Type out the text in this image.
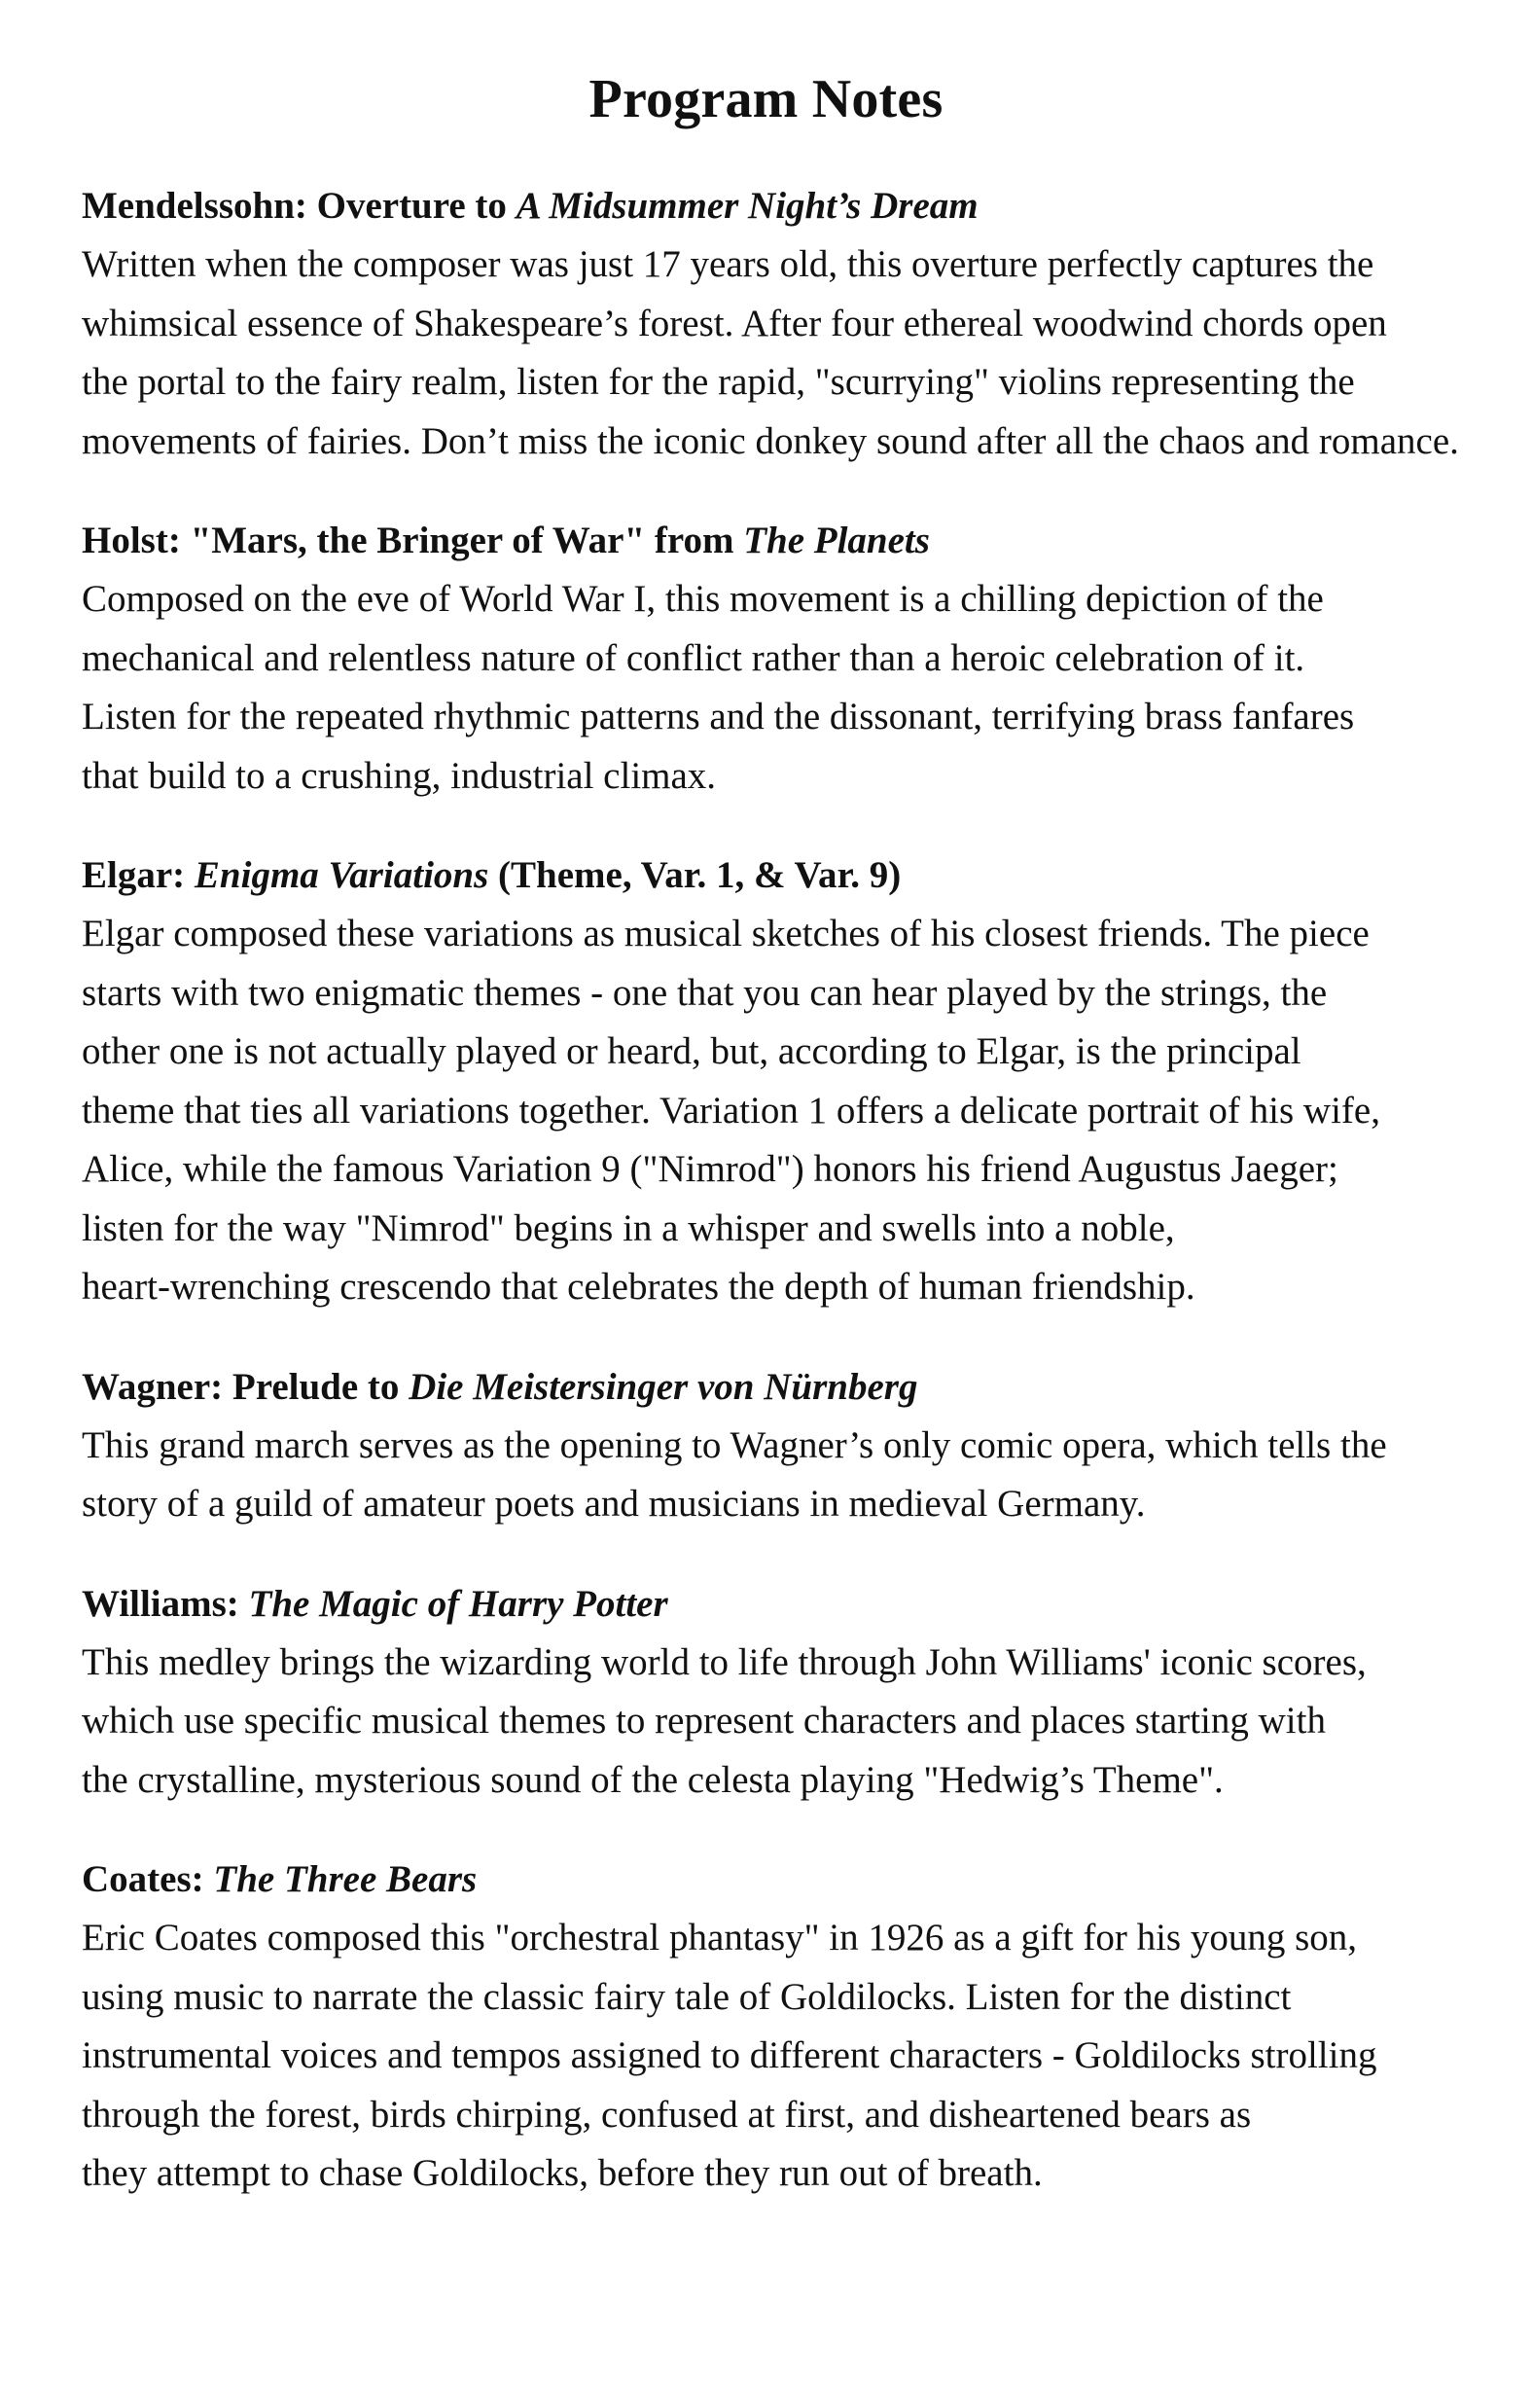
Program Notes
Mendelssohn: Overture to A Midsummer Night’s Dream

Written when the composer was just 17 years old, this overture perfectly captures the
whimsical essence of Shakespeare’s forest. After four ethereal woodwind chords open
the portal to the fairy realm, listen for the rapid, "scurrying" violins representing the
movements of fairies. Don’t miss the iconic donkey sound after all the chaos and romance.

Holst: "Mars, the Bringer of War" from The Planets

Composed on the eve of World War I, this movement is a chilling depiction of the
mechanical and relentless nature of conflict rather than a heroic celebration of it.
Listen for the repeated rhythmic patterns and the dissonant, terrifying brass fanfares
that build to a crushing, industrial climax.

Elgar: Enigma Variations (Theme, Var. 1, & Var. 9)

Elgar composed these variations as musical sketches of his closest friends. The piece
starts with two enigmatic themes - one that you can hear played by the strings, the
other one is not actually played or heard, but, according to Elgar, is the principal
theme that ties all variations together. Variation 1 offers a delicate portrait of his wife,
Alice, while the famous Variation 9 ("Nimrod") honors his friend Augustus Jaeger;
listen for the way "Nimrod" begins in a whisper and swells into a noble,
heart-wrenching crescendo that celebrates the depth of human friendship.

Wagner: Prelude to Die Meistersinger von Nürnberg

This grand march serves as the opening to Wagner’s only comic opera, which tells the
story of a guild of amateur poets and musicians in medieval Germany.

Williams: The Magic of Harry Potter

This medley brings the wizarding world to life through John Williams' iconic scores,
which use specific musical themes to represent characters and places starting with
the crystalline, mysterious sound of the celesta playing "Hedwig’s Theme".

Coates: The Three Bears

Eric Coates composed this "orchestral phantasy" in 1926 as a gift for his young son,
using music to narrate the classic fairy tale of Goldilocks. Listen for the distinct
instrumental voices and tempos assigned to different characters - Goldilocks strolling
through the forest, birds chirping, confused at first, and disheartened bears as
they attempt to chase Goldilocks, before they run out of breath.
